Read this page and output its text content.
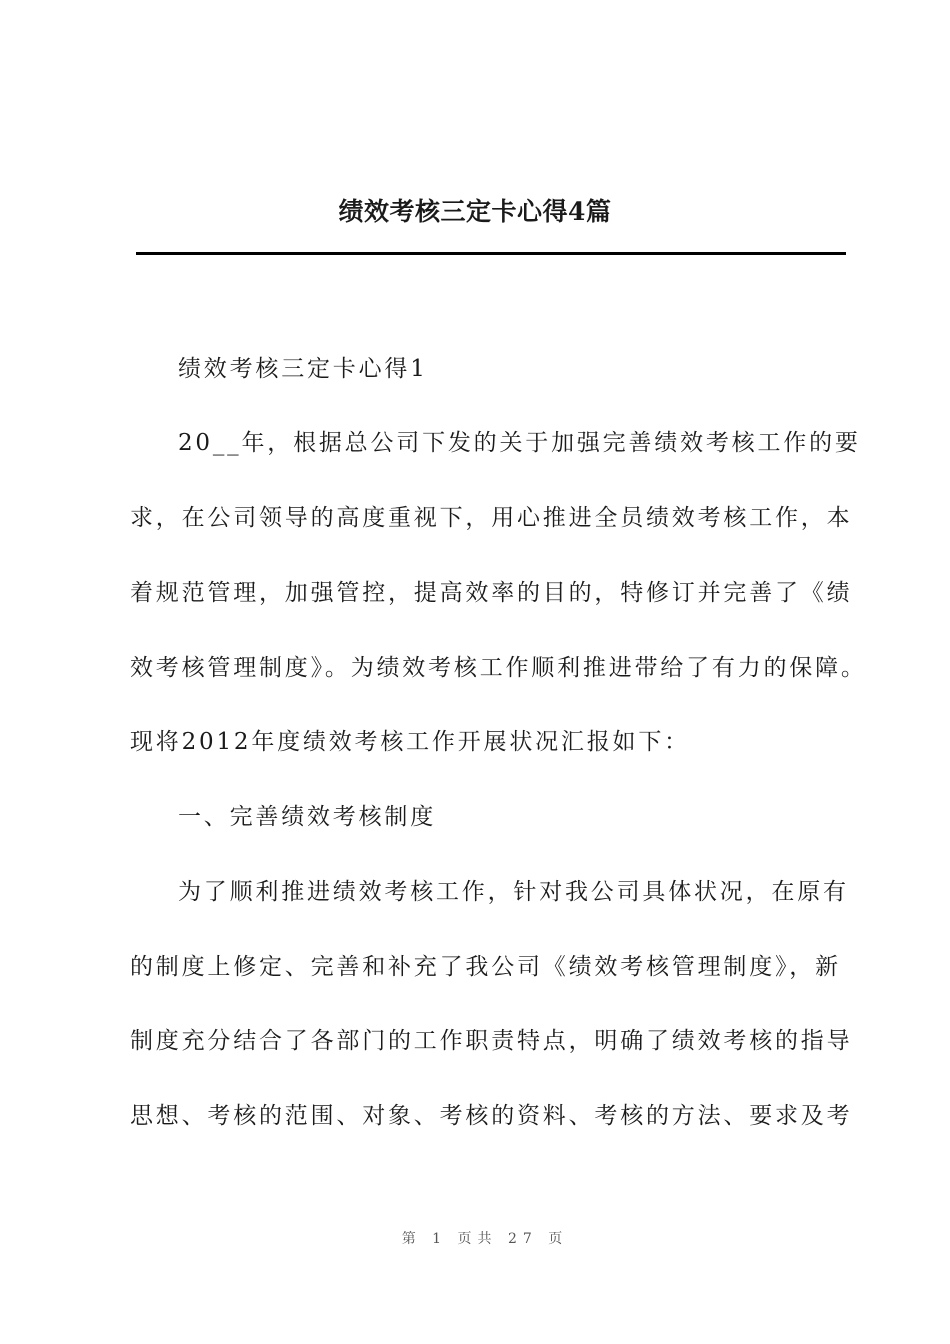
绩效考核三定卡心得4篇
绩效考核三定卡心得1
20__年，根据总公司下发的关于加强完善绩效考核工作的要
求，在公司领导的高度重视下，用心推进全员绩效考核工作，本
着规范管理，加强管控，提高效率的目的，特修订并完善了《绩
效考核管理制度》。为绩效考核工作顺利推进带给了有力的保障。
现将2012年度绩效考核工作开展状况汇报如下：
一、完善绩效考核制度
为了顺利推进绩效考核工作，针对我公司具体状况，在原有
的制度上修定、完善和补充了我公司《绩效考核管理制度》，新
制度充分结合了各部门的工作职责特点，明确了绩效考核的指导
思想、考核的范围、对象、考核的资料、考核的方法、要求及考
第 1 页共 27 页
